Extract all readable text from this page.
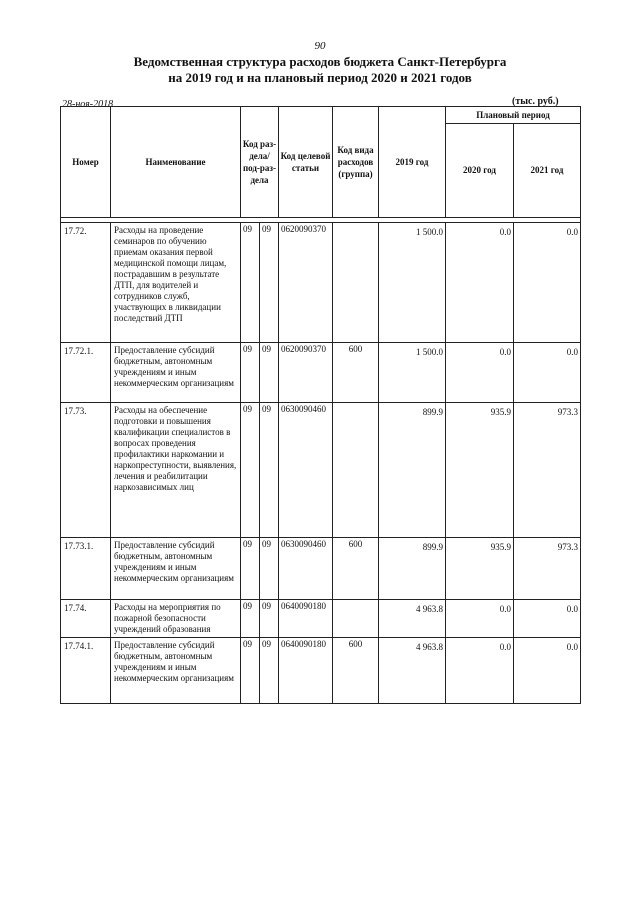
90
Ведомственная структура расходов бюджета Санкт-Петербурга
на 2019 год и на плановый период 2020 и 2021 годов
28-ноя-2018	(тыс. руб.)
Номер	Наименование	Код раз-дела/ под-раз-дела		Код целевой статьи	Код вида расходов (группа)	2019 год	Плановый период	
							2020 год	2021 год

17.72.	Расходы на проведение семинаров по обучению приемам оказания первой медицинской помощи лицам, пострадавшим в результате ДТП, для водителей и сотрудников служб, участвующих в ликвидации последствий ДТП	09	09	0620090370		1 500.0	0.0	0.0
17.72.1.	Предоставление субсидий бюджетным, автономным учреждениям и иным некоммерческим организациям	09	09	0620090370	600	1 500.0	0.0	0.0
17.73.	Расходы на обеспечение подготовки и повышения квалификации специалистов в вопросах проведения профилактики наркомании и наркопреступности, выявления, лечения и реабилитации наркозависимых лиц	09	09	0630090460		899.9	935.9	973.3
17.73.1.	Предоставление субсидий бюджетным, автономным учреждениям и иным некоммерческим организациям	09	09	0630090460	600	899.9	935.9	973.3
17.74.	Расходы на мероприятия по пожарной безопасности учреждений образования	09	09	0640090180		4 963.8	0.0	0.0
17.74.1.	Предоставление субсидий бюджетным, автономным учреждениям и иным некоммерческим организациям	09	09	0640090180	600	4 963.8	0.0	0.0
